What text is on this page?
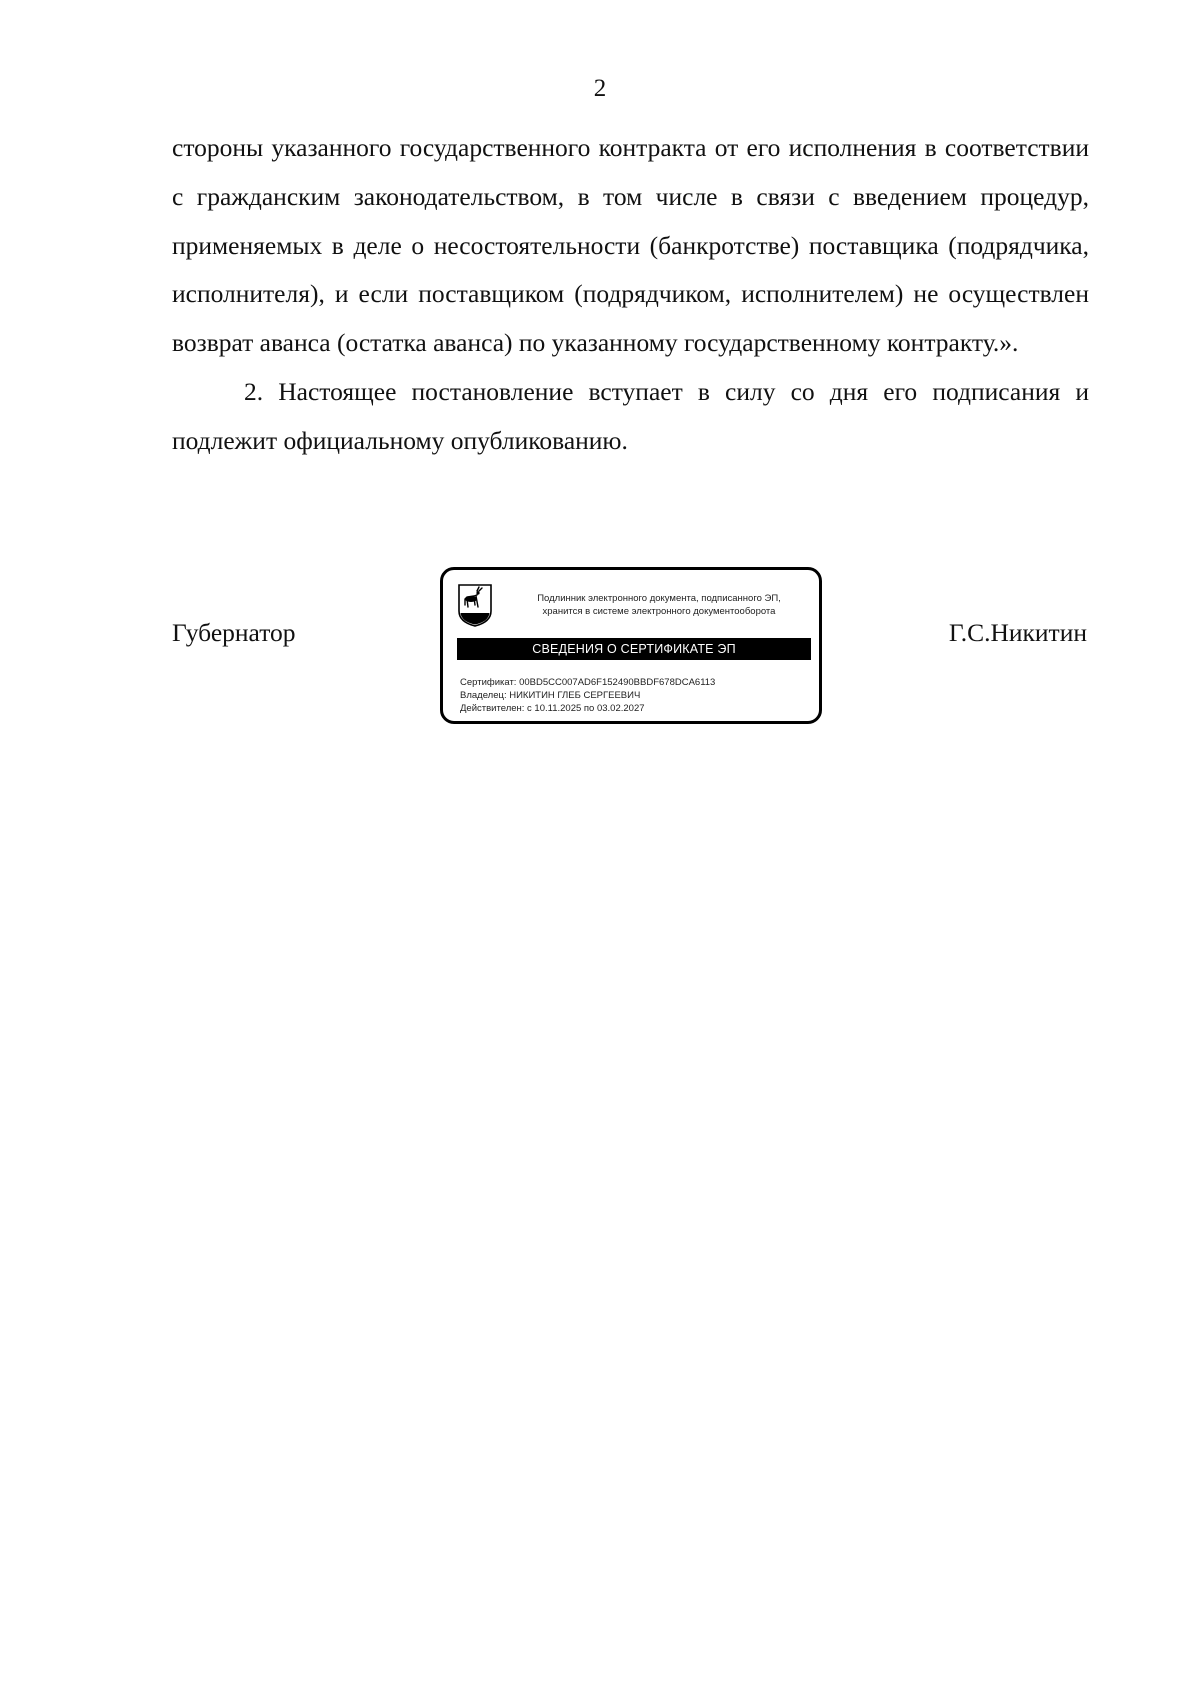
2

стороны указанного государственного контракта от его исполнения в соответствии с гражданским законодательством, в том числе в связи с введением процедур, применяемых в деле о несостоятельности (банкротстве) поставщика (подрядчика, исполнителя), и если поставщиком (подрядчиком, исполнителем) не осуществлен возврат аванса (остатка аванса) по указанному государственному контракту.».

2. Настоящее постановление вступает в силу со дня его подписания и подлежит официальному опубликованию.

Губернатор
Подлинник электронного документа, подписанного ЭП,
хранится в системе электронного документооборота
СВЕДЕНИЯ О СЕРТИФИКАТЕ ЭП
Сертификат: 00BD5CC007AD6F152490BBDF678DCA6113
Владелец: НИКИТИН ГЛЕБ СЕРГЕЕВИЧ
Действителен: с 10.11.2025 по 03.02.2027
Г.С.Никитин
